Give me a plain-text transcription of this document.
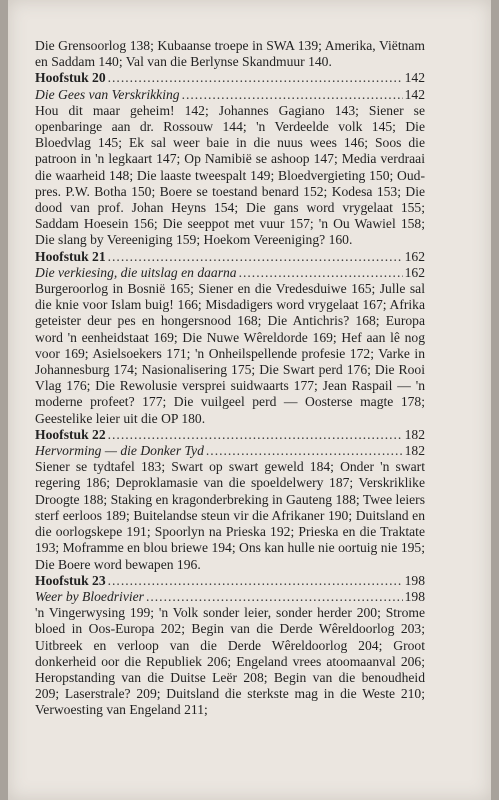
Die Grensoorlog 138; Kubaanse troepe in SWA 139; Amerika, Viëtnam en Saddam 140; Val van die Berlynse Skandmuur 140.

Hoofstuk 20 .....	142
Die Gees van Verskrikking .....	142

Hou dit maar geheim! 142; Johannes Gagiano 143; Siener se openbaringe aan dr. Rossouw 144; 'n Verdeelde volk 145; Die Bloedvlag 145; Ek sal weer baie in die nuus wees 146; Soos die patroon in 'n legkaart 147; Op Namibië se ashoop 147; Media verdraai die waarheid 148; Die laaste tweespalt 149; Bloedvergieting 150; Oud-pres. P.W. Botha 150; Boere se toestand benard 152; Kodesa 153; Die dood van prof. Johan Heyns 154; Die gans word vrygelaat 155; Saddam Hoesein 156; Die seeppot met vuur 157; 'n Ou Wawiel 158; Die slang by Vereeniging 159; Hoekom Vereeniging? 160.

Hoofstuk 21 .....	162
Die verkiesing, die uitslag en daarna .....	162

Burgeroorlog in Bosnië 165; Siener en die Vredesduiwe 165; Julle sal die knie voor Islam buig! 166; Misdadigers word vrygelaat 167; Afrika geteister deur pes en hongersnood 168; Die Antichris? 168; Europa word 'n eenheidstaat 169; Die Nuwe Wêreldorde 169; Hef aan lê nog voor 169; Asielsoekers 171; 'n Onheilspellende profesie 172; Varke in Johannesburg 174; Nasionalisering 175; Die Swart perd 176; Die Rooi Vlag 176; Die Rewolusie versprei suidwaarts 177; Jean Raspail — 'n moderne profeet? 177; Die vuilgeel perd — Oosterse magte 178; Geestelike leier uit die OP 180.

Hoofstuk 22 .....	182
Hervorming — die Donker Tyd .....	182

Siener se tydtafel 183; Swart op swart geweld 184; Onder 'n swart regering 186; Deproklamasie van die spoeldelwery 187; Verskriklike Droogte 188; Staking en kragonderbreking in Gauteng 188; Twee leiers sterf eerloos 189; Buitelandse steun vir die Afrikaner 190; Duitsland en die oorlogskepe 191; Spoorlyn na Prieska 192; Prieska en die Traktate 193; Moframme en blou briewe 194; Ons kan hulle nie oortuig nie 195; Die Boere word bewapen 196.

Hoofstuk 23 .....	198
Weer by Bloedrivier .....	198

'n Vingerwysing 199; 'n Volk sonder leier, sonder herder 200; Strome bloed in Oos-Europa 202; Begin van die Derde Wêreldoorlog 203; Uitbreek en verloop van die Derde Wêreldoorlog 204; Groot donkerheid oor die Republiek 206; Engeland vrees atoomaanval 206; Heropstanding van die Duitse Leër 208; Begin van die benoudheid 209; Laserstrale? 209; Duitsland die sterkste mag in die Weste 210; Verwoesting van Engeland 211;
